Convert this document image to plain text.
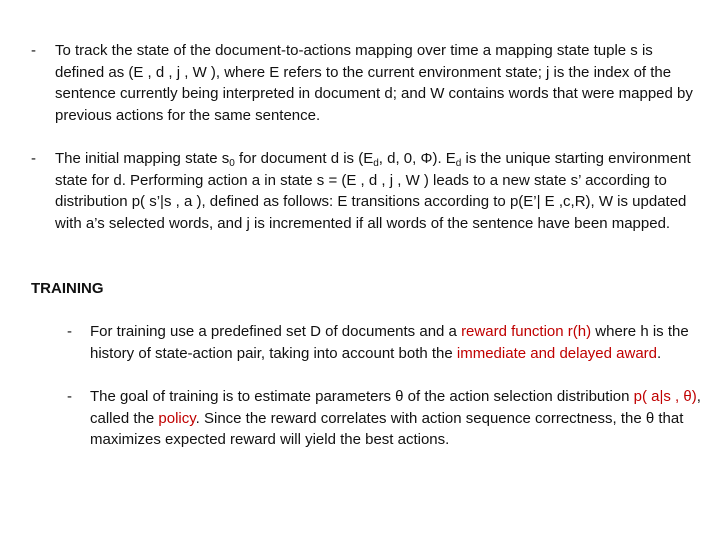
-	To track the state of the document-to-actions mapping over time a mapping state tuple s is defined as (E , d , j , W ), where E refers to the current environment state; j is the index of the sentence currently being interpreted in document d; and W contains words that were mapped by previous actions for the same sentence.
-	The initial mapping state $s_0$ for document d is ($E_d$, d, 0, Φ). $E_d$ is the unique starting environment state for d. Performing action a in state s = (E , d , j , W ) leads to a new state s’ according to distribution p( s’|s , a ), defined as follows: E transitions according to p(E’| E ,c,R), W is updated with a’s selected words, and j is incremented if all words of the sentence have been mapped.
TRAINING
-	For training use a predefined set D of documents and a reward function r(h) where h is the history of state-action pair, taking into account both the immediate and delayed award.
-	The goal of training is to estimate parameters θ of the action selection distribution p( a|s , θ), called the policy. Since the reward correlates with action sequence correctness, the θ that maximizes expected reward will yield the best actions.
